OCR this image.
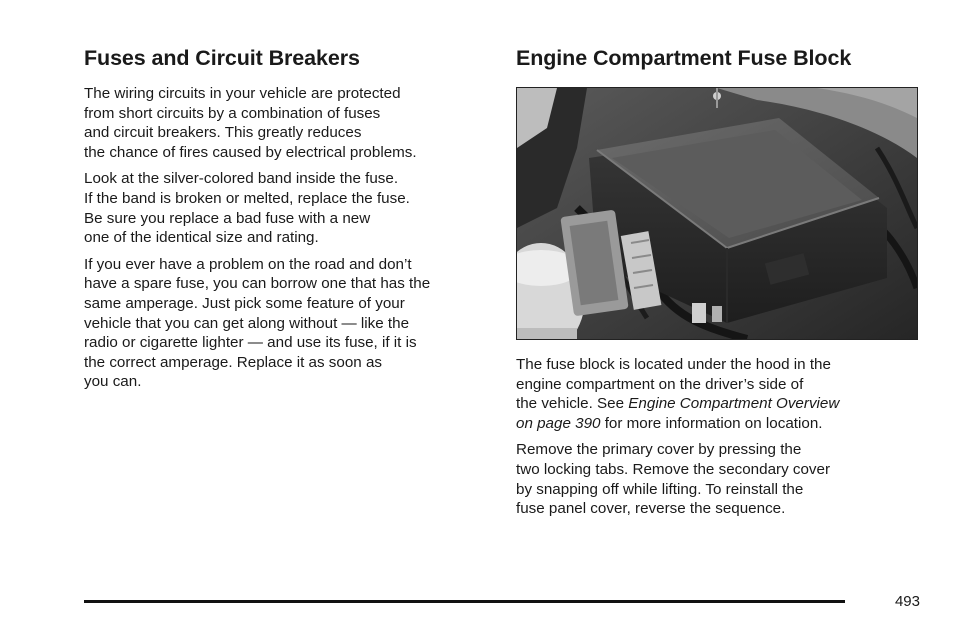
Fuses and Circuit Breakers

The wiring circuits in your vehicle are protected
from short circuits by a combination of fuses
and circuit breakers. This greatly reduces
the chance of fires caused by electrical problems.

Look at the silver-colored band inside the fuse.
If the band is broken or melted, replace the fuse.
Be sure you replace a bad fuse with a new
one of the identical size and rating.

If you ever have a problem on the road and don’t
have a spare fuse, you can borrow one that has the
same amperage. Just pick some feature of your
vehicle that you can get along without — like the
radio or cigarette lighter — and use its fuse, if it is
the correct amperage. Replace it as soon as
you can.

Engine Compartment Fuse Block

The fuse block is located under the hood in the
engine compartment on the driver’s side of
the vehicle. See Engine Compartment Overview
on page 390 for more information on location.

Remove the primary cover by pressing the
two locking tabs. Remove the secondary cover
by snapping off while lifting. To reinstall the
fuse panel cover, reverse the sequence.

493
